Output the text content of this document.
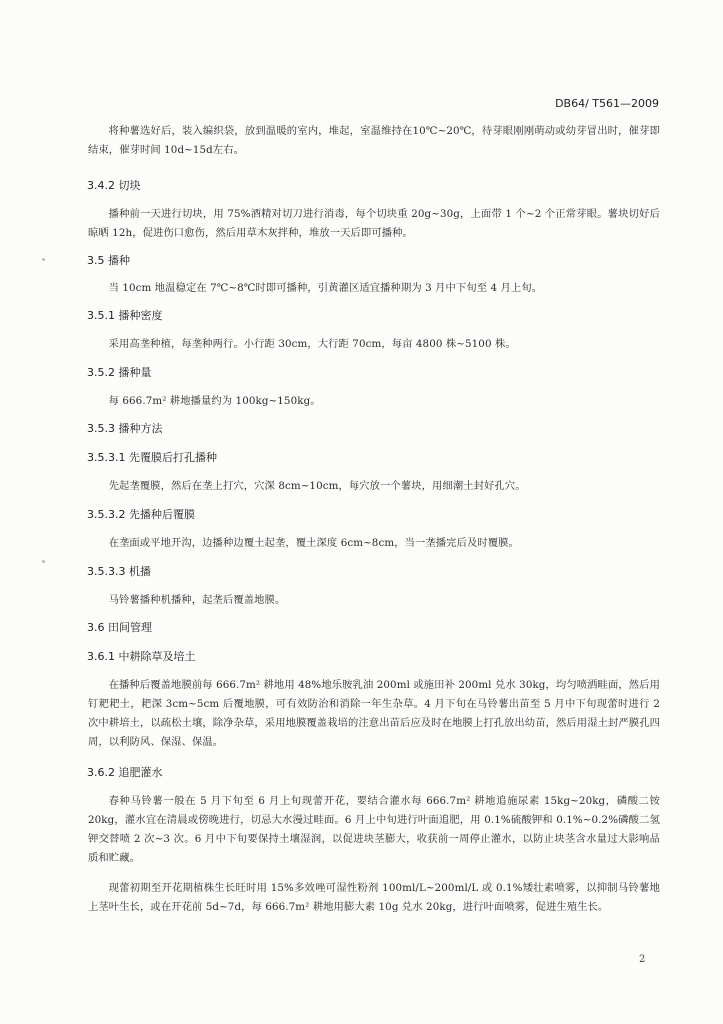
DB64/ T561—2009
将种薯选好后，装入编织袋，放到温暖的室内，堆起，室温维持在10℃~20℃，待芽眼刚刚萌动或幼芽冒出时，催芽即结束，催芽时间 10d~15d左右。
3.4.2 切块
播种前一天进行切块，用 75%酒精对切刀进行消毒，每个切块重 20g~30g，上面带 1 个~2 个正常芽眼。薯块切好后晾晒 12h，促进伤口愈伤，然后用草木灰拌种，堆放一天后即可播种。
3.5 播种
当 10cm 地温稳定在 7℃~8℃时即可播种，引黄灌区适宜播种期为 3 月中下旬至 4 月上旬。
3.5.1 播种密度
采用高垄种植，每垄种两行。小行距 30cm，大行距 70cm，每亩 4800 株~5100 株。
3.5.2 播种量
每 666.7m² 耕地播量约为 100kg~150kg。
3.5.3 播种方法
3.5.3.1 先覆膜后打孔播种
先起垄覆膜，然后在垄上打穴，穴深 8cm~10cm，每穴放一个薯块，用细潮土封好孔穴。
3.5.3.2 先播种后覆膜
在垄面或平地开沟，边播种边覆土起垄，覆土深度 6cm~8cm，当一垄播完后及时覆膜。
3.5.3.3 机播
马铃薯播种机播种，起垄后覆盖地膜。
3.6 田间管理
3.6.1 中耕除草及培土
在播种后覆盖地膜前每 666.7m² 耕地用 48%地乐胺乳油 200ml 或施田补 200ml 兑水 30kg，均匀喷洒畦面，然后用钉耙耙土，耙深 3cm~5cm 后覆地膜，可有效防治和消除一年生杂草。4 月下旬在马铃薯出苗至 5 月中下旬现蕾时进行 2 次中耕培土，以疏松土壤，除净杂草，采用地膜覆盖栽培的注意出苗后应及时在地膜上打孔放出幼苗，然后用湿土封严膜孔四周，以利防风、保湿、保温。
3.6.2 追肥灌水
春种马铃薯一般在 5 月下旬至 6 月上旬现蕾开花，要结合灌水每 666.7m² 耕地追施尿素 15kg~20kg，磷酸二铵 20kg，灌水宜在清晨或傍晚进行，切忌大水漫过畦面。6 月上中旬进行叶面追肥，用 0.1%硫酸钾和 0.1%~0.2%磷酸二氢钾交替喷 2 次~3 次。6 月中下旬要保持土壤湿润，以促进块茎膨大，收获前一周停止灌水，以防止块茎含水量过大影响品质和贮藏。
现蕾初期至开花期植株生长旺时用 15%多效唑可湿性粉剂 100ml/L~200ml/L 或 0.1%矮壮素喷雾，以抑制马铃薯地上茎叶生长，或在开花前 5d~7d，每 666.7m² 耕地用膨大素 10g 兑水 20kg，进行叶面喷雾，促进生殖生长。
2
